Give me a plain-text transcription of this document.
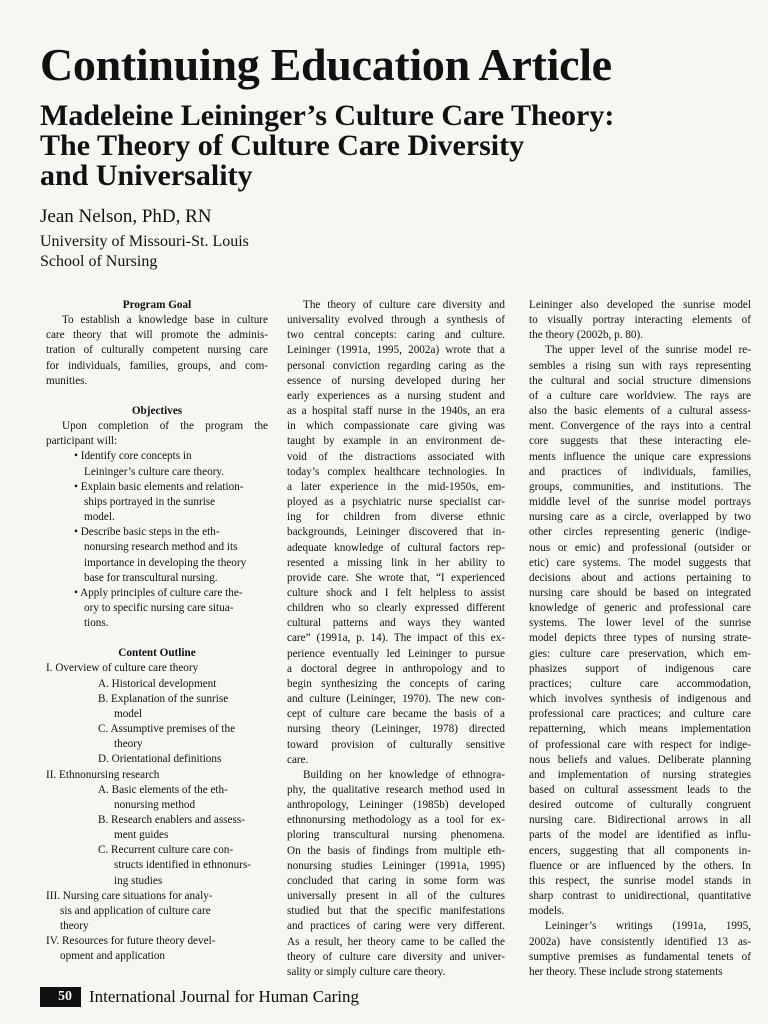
Continuing Education Article
Madeleine Leininger’s Culture Care Theory:
The Theory of Culture Care Diversity
and Universality
Jean Nelson, PhD, RN
University of Missouri-St. Louis
School of Nursing
Program Goal
To establish a knowledge base in culture
care theory that will promote the adminis-
tration of culturally competent nursing care
for individuals, families, groups, and com-
munities.
Objectives
Upon completion of the program the
participant will:
• Identify core concepts in
Leininger’s culture care theory.
• Explain basic elements and relation-
ships portrayed in the sunrise
model.
• Describe basic steps in the eth-
nonursing research method and its
importance in developing the theory
base for transcultural nursing.
• Apply principles of culture care the-
ory to specific nursing care situa-
tions.
Content Outline
I. Overview of culture care theory
A. Historical development
B. Explanation of the sunrise
model
C. Assumptive premises of the
theory
D. Orientational definitions
II. Ethnonursing research
A. Basic elements of the eth-
nonursing method
B. Research enablers and assess-
ment guides
C. Recurrent culture care con-
structs identified in ethnonurs-
ing studies
III. Nursing care situations for analy-
sis and application of culture care
theory
IV. Resources for future theory devel-
opment and application
The theory of culture care diversity and
universality evolved through a synthesis of
two central concepts: caring and culture.
Leininger (1991a, 1995, 2002a) wrote that a
personal conviction regarding caring as the
essence of nursing developed during her
early experiences as a nursing student and
as a hospital staff nurse in the 1940s, an era
in which compassionate care giving was
taught by example in an environment de-
void of the distractions associated with
today’s complex healthcare technologies. In
a later experience in the mid-1950s, em-
ployed as a psychiatric nurse specialist car-
ing for children from diverse ethnic
backgrounds, Leininger discovered that in-
adequate knowledge of cultural factors rep-
resented a missing link in her ability to
provide care. She wrote that, “I experienced
culture shock and I felt helpless to assist
children who so clearly expressed different
cultural patterns and ways they wanted
care” (1991a, p. 14). The impact of this ex-
perience eventually led Leininger to pursue
a doctoral degree in anthropology and to
begin synthesizing the concepts of caring
and culture (Leininger, 1970). The new con-
cept of culture care became the basis of a
nursing theory (Leininger, 1978) directed
toward provision of culturally sensitive
care.
Building on her knowledge of ethnogra-
phy, the qualitative research method used in
anthropology, Leininger (1985b) developed
ethnonursing methodology as a tool for ex-
ploring transcultural nursing phenomena.
On the basis of findings from multiple eth-
nonursing studies Leininger (1991a, 1995)
concluded that caring in some form was
universally present in all of the cultures
studied but that the specific manifestations
and practices of caring were very different.
As a result, her theory came to be called the
theory of culture care diversity and univer-
sality or simply culture care theory.
Leininger also developed the sunrise model
to visually portray interacting elements of
the theory (2002b, p. 80).
The upper level of the sunrise model re-
sembles a rising sun with rays representing
the cultural and social structure dimensions
of a culture care worldview. The rays are
also the basic elements of a cultural assess-
ment. Convergence of the rays into a central
core suggests that these interacting ele-
ments influence the unique care expressions
and practices of individuals, families,
groups, communities, and institutions. The
middle level of the sunrise model portrays
nursing care as a circle, overlapped by two
other circles representing generic (indige-
nous or emic) and professional (outsider or
etic) care systems. The model suggests that
decisions about and actions pertaining to
nursing care should be based on integrated
knowledge of generic and professional care
systems. The lower level of the sunrise
model depicts three types of nursing strate-
gies: culture care preservation, which em-
phasizes support of indigenous care
practices; culture care accommodation,
which involves synthesis of indigenous and
professional care practices; and culture care
repatterning, which means implementation
of professional care with respect for indige-
nous beliefs and values. Deliberate planning
and implementation of nursing strategies
based on cultural assessment leads to the
desired outcome of culturally congruent
nursing care. Bidirectional arrows in all
parts of the model are identified as influ-
encers, suggesting that all components in-
fluence or are influenced by the others. In
this respect, the sunrise model stands in
sharp contrast to unidirectional, quantitative
models.
Leininger’s writings (1991a, 1995,
2002a) have consistently identified 13 as-
sumptive premises as fundamental tenets of
her theory. These include strong statements
50	International Journal for Human Caring
